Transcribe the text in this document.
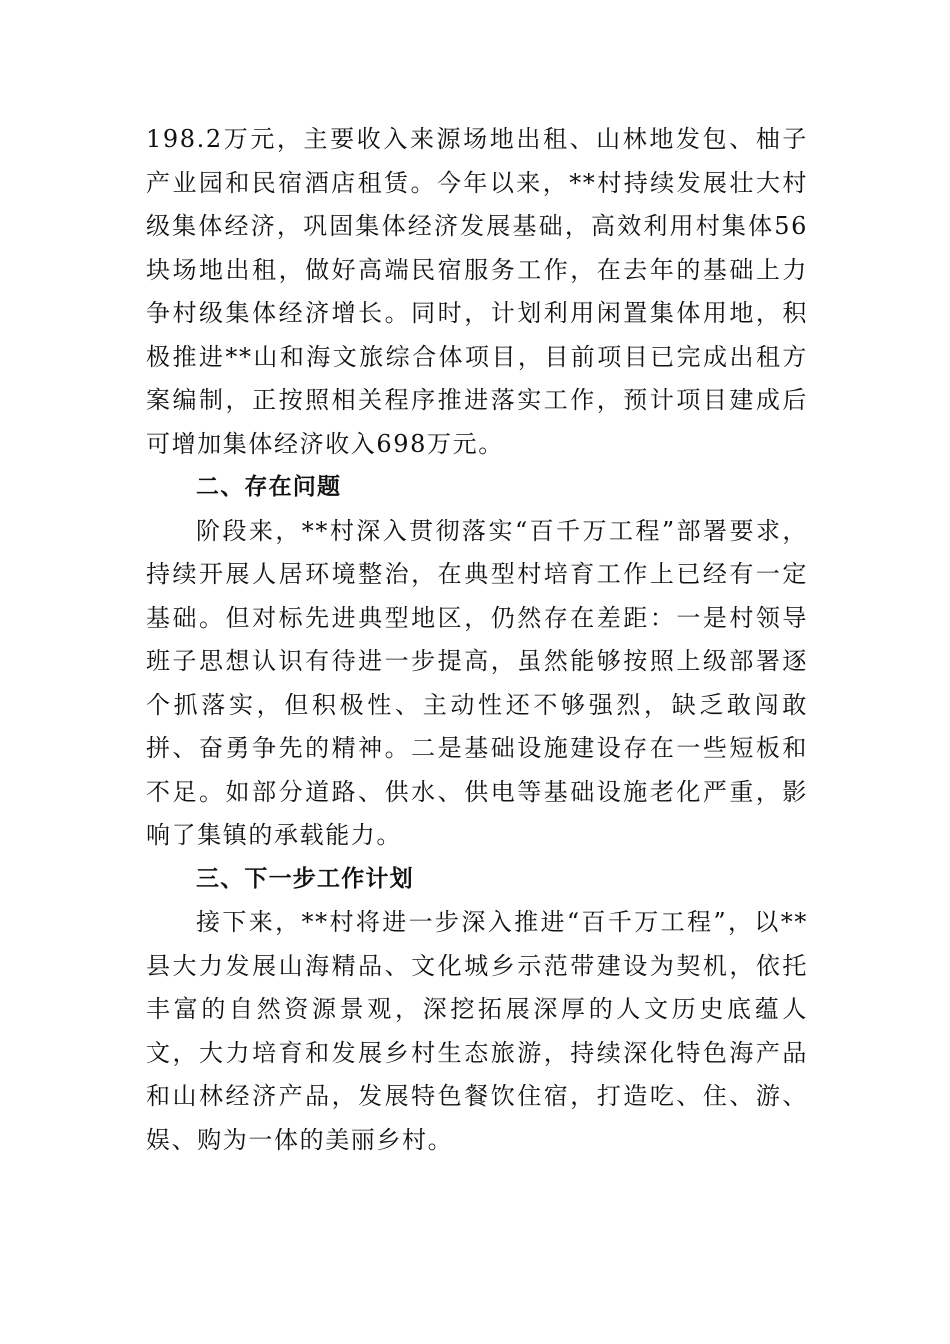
198.2万元，主要收入来源场地出租、山林地发包、柚子产业园和民宿酒店租赁。今年以来，**村持续发展壮大村级集体经济，巩固集体经济发展基础，高效利用村集体56块场地出租，做好高端民宿服务工作，在去年的基础上力争村级集体经济增长。同时，计划利用闲置集体用地，积极推进**山和海文旅综合体项目，目前项目已完成出租方案编制，正按照相关程序推进落实工作，预计项目建成后可增加集体经济收入698万元。

二、存在问题

阶段来，**村深入贯彻落实“百千万工程”部署要求，持续开展人居环境整治，在典型村培育工作上已经有一定基础。但对标先进典型地区，仍然存在差距：一是村领导班子思想认识有待进一步提高，虽然能够按照上级部署逐个抓落实，但积极性、主动性还不够强烈，缺乏敢闯敢拼、奋勇争先的精神。二是基础设施建设存在一些短板和不足。如部分道路、供水、供电等基础设施老化严重，影响了集镇的承载能力。

三、下一步工作计划

接下来，**村将进一步深入推进“百千万工程”，以**县大力发展山海精品、文化城乡示范带建设为契机，依托丰富的自然资源景观，深挖拓展深厚的人文历史底蕴人文，大力培育和发展乡村生态旅游，持续深化特色海产品和山林经济产品，发展特色餐饮住宿，打造吃、住、游、娱、购为一体的美丽乡村。
